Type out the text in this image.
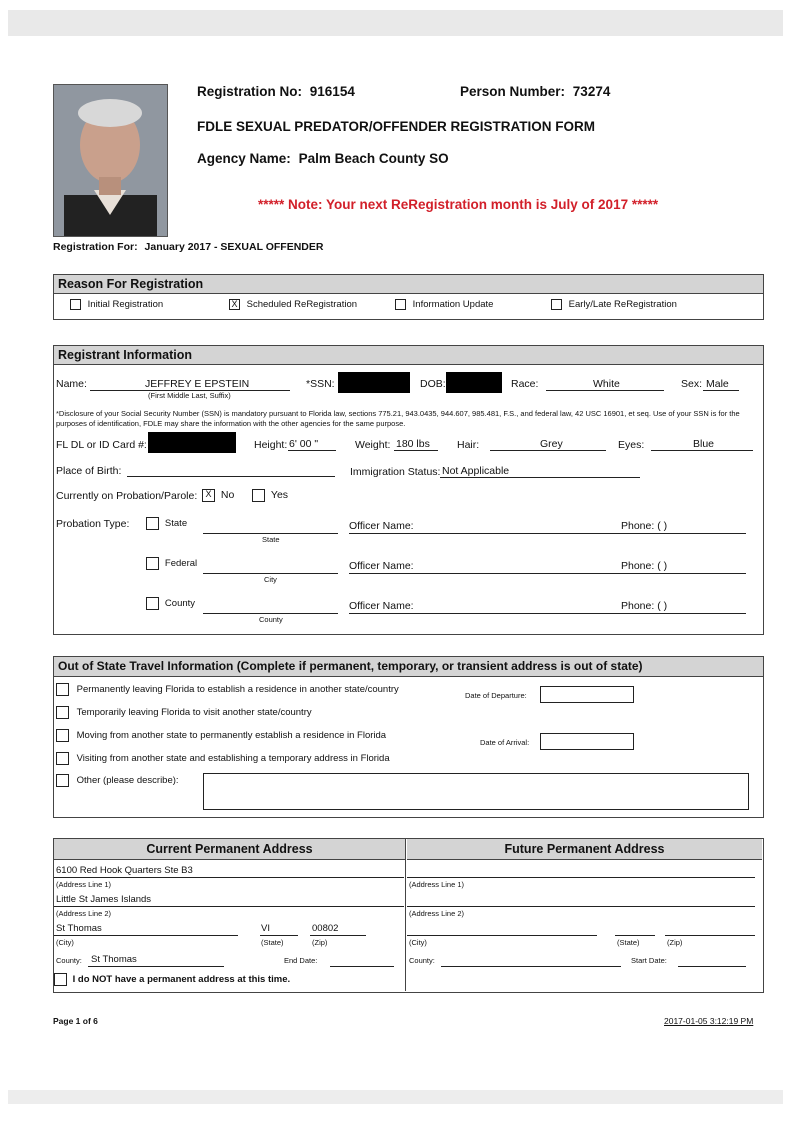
Registration No: 916154	Person Number: 73274
FDLE SEXUAL PREDATOR/OFFENDER REGISTRATION FORM
Agency Name: Palm Beach County SO
***** Note: Your next ReRegistration month is July of 2017 *****
Registration For: January 2017 - SEXUAL OFFENDER
Reason For Registration
Initial Registration	X Scheduled ReRegistration	Information Update	Early/Late ReRegistration
Registrant Information
Name:	JEFFREY E EPSTEIN
(First Middle Last, Suffix)
*SSN:	DOB:	Race:	White	Sex: Male
*Disclosure of your Social Security Number (SSN) is mandatory pursuant to Florida law, sections 775.21, 943.0435, 944.607, 985.481, F.S., and federal law, 42 USC 16901, et seq. Use of your SSN is for the purposes of identification, FDLE may share the information with the other agencies for the same purpose.
FL DL or ID Card #:	Height: 6' 00 "	Weight: 180 lbs	Hair:	Grey	Eyes:	Blue
Place of Birth:	Immigration Status: Not Applicable
Currently on Probation/Parole: X No	Yes
Probation Type:	State
State
Officer Name:	Phone: ( )
Federal
City
Officer Name:	Phone: ( )
County
County
Officer Name:	Phone: ( )
Out of State Travel Information (Complete if permanent, temporary, or transient address is out of state)
Permanently leaving Florida to establish a residence in another state/country
Temporarily leaving Florida to visit another state/country
Moving from another state to permanently establish a residence in Florida
Visiting from another state and establishing a temporary address in Florida
Other (please describe):
Date of Departure:
Date of Arrival:
Current Permanent Address	Future Permanent Address
6100 Red Hook Quarters Ste B3
(Address Line 1)
Little St James Islands
(Address Line 2)
St Thomas
(City)
VI
(State)
00802
(Zip)
County: St Thomas	End Date:
I do NOT have a permanent address at this time.
(Address Line 1)
(Address Line 2)
(City)	(State)	(Zip)
County:	Start Date:
Page 1 of 6	2017-01-05 3:12:19 PM
